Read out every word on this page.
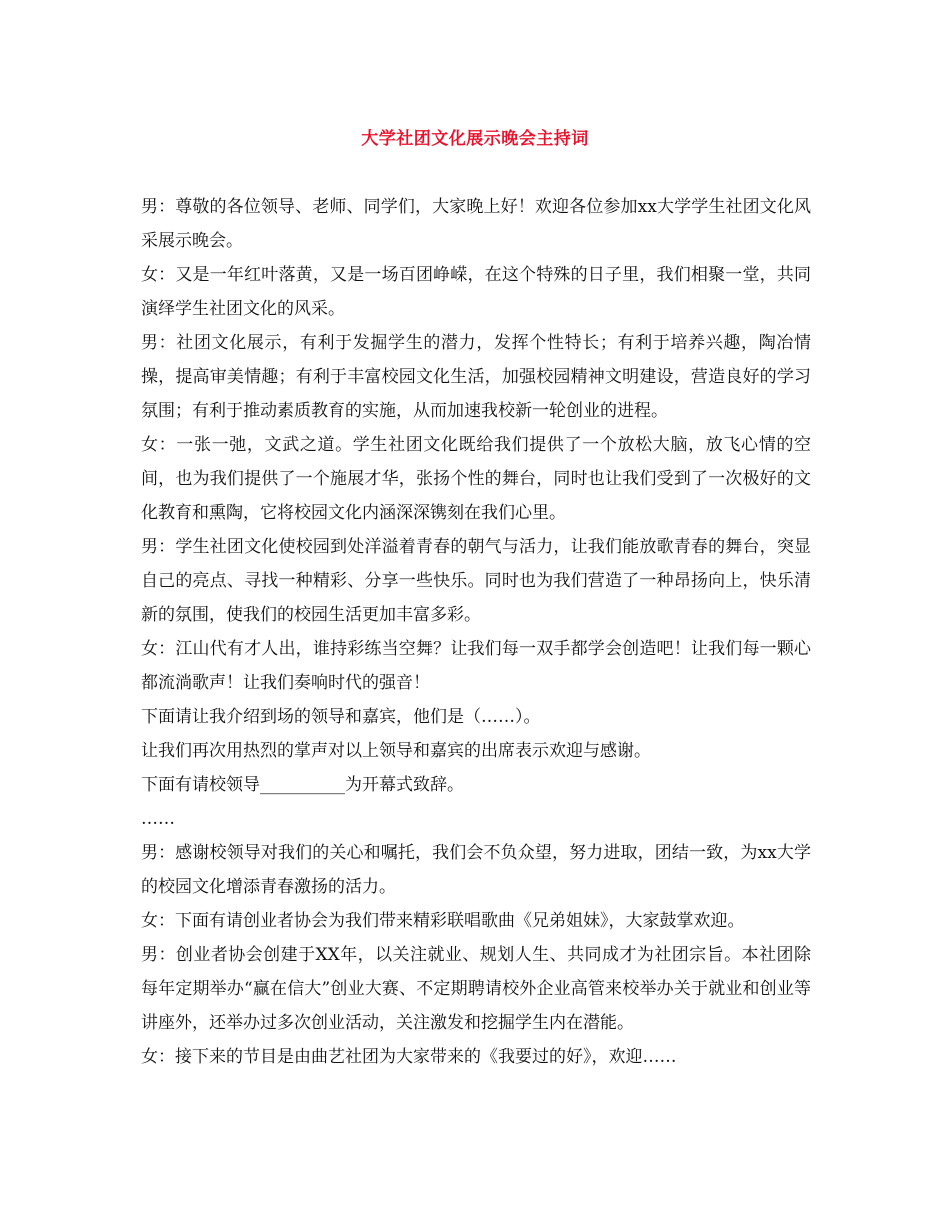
大学社团文化展示晚会主持词

男：尊敬的各位领导、老师、同学们，大家晚上好！欢迎各位参加xx大学学生社团文化风采展示晚会。

女：又是一年红叶落黄，又是一场百团峥嵘，在这个特殊的日子里，我们相聚一堂，共同演绎学生社团文化的风采。

男：社团文化展示，有利于发掘学生的潜力，发挥个性特长；有利于培养兴趣，陶冶情操，提高审美情趣；有利于丰富校园文化生活，加强校园精神文明建设，营造良好的学习氛围；有利于推动素质教育的实施，从而加速我校新一轮创业的进程。

女：一张一弛，文武之道。学生社团文化既给我们提供了一个放松大脑，放飞心情的空间，也为我们提供了一个施展才华，张扬个性的舞台，同时也让我们受到了一次极好的文化教育和熏陶，它将校园文化内涵深深镌刻在我们心里。

男：学生社团文化使校园到处洋溢着青春的朝气与活力，让我们能放歌青春的舞台，突显自己的亮点、寻找一种精彩、分享一些快乐。同时也为我们营造了一种昂扬向上，快乐清新的氛围，使我们的校园生活更加丰富多彩。

女：江山代有才人出，谁持彩练当空舞？让我们每一双手都学会创造吧！让我们每一颗心都流淌歌声！让我们奏响时代的强音！

下面请让我介绍到场的领导和嘉宾，他们是（……）。

让我们再次用热烈的掌声对以上领导和嘉宾的出席表示欢迎与感谢。

下面有请校领导__________为开幕式致辞。

……

男：感谢校领导对我们的关心和嘱托，我们会不负众望，努力进取，团结一致，为xx大学的校园文化增添青春激扬的活力。

女：下面有请创业者协会为我们带来精彩联唱歌曲《兄弟姐妹》，大家鼓掌欢迎。

男：创业者协会创建于XX年，以关注就业、规划人生、共同成才为社团宗旨。本社团除每年定期举办“赢在信大”创业大赛、不定期聘请校外企业高管来校举办关于就业和创业等讲座外，还举办过多次创业活动，关注激发和挖掘学生内在潜能。

女：接下来的节目是由曲艺社团为大家带来的《我要过的好》，欢迎……
